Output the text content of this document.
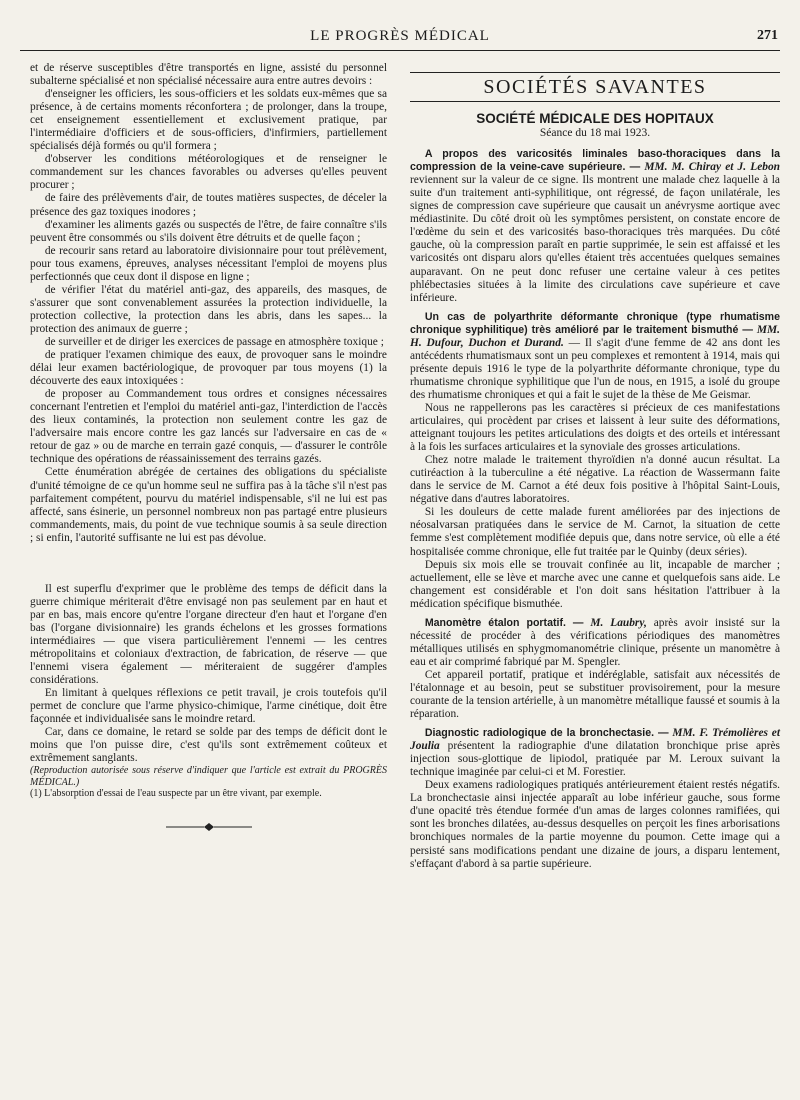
LE PROGRÈS MÉDICAL	271

et de réserve susceptibles d'être transportés en ligne, assisté du personnel subalterne spécialisé et non spécialisé nécessaire aura entre autres devoirs :

d'enseigner les officiers, les sous-officiers et les soldats eux-mêmes que sa présence, à de certains moments réconfortera ; de prolonger, dans la troupe, cet enseignement essentiellement et exclusivement pratique, par l'intermédiaire d'officiers et de sous-officiers, d'infirmiers, partiellement spécialisés déjà formés ou qu'il formera ;

d'observer les conditions météorologiques et de renseigner le commandement sur les chances favorables ou adverses qu'elles peuvent procurer ;

de faire des prélèvements d'air, de toutes matières suspectes, de déceler la présence des gaz toxiques inodores ;

d'examiner les aliments gazés ou suspectés de l'être, de faire connaître s'ils peuvent être consommés ou s'ils doivent être détruits et de quelle façon ;

de recourir sans retard au laboratoire divisionnaire pour tout prélèvement, pour tous examens, épreuves, analyses nécessitant l'emploi de moyens plus perfectionnés que ceux dont il dispose en ligne ;

de vérifier l'état du matériel anti-gaz, des appareils, des masques, de s'assurer que sont convenablement assurées la protection individuelle, la protection collective, la protection dans les abris, dans les sapes... la protection des animaux de guerre ;

de surveiller et de diriger les exercices de passage en atmosphère toxique ;

de pratiquer l'examen chimique des eaux, de provoquer sans le moindre délai leur examen bactériologique, de provoquer par tous moyens (1) la découverte des eaux intoxiquées :

de proposer au Commandement tous ordres et consignes nécessaires concernant l'entretien et l'emploi du matériel anti-gaz, l'interdiction de l'accès des lieux contaminés, la protection non seulement contre les gaz de l'adversaire mais encore contre les gaz lancés sur l'adversaire en cas de « retour de gaz » ou de marche en terrain gazé conquis, — d'assurer le contrôle technique des opérations de réassainissement des terrains gazés.

Cette énumération abrégée de certaines des obligations du spécialiste d'unité témoigne de ce qu'un homme seul ne suffira pas à la tâche s'il n'est pas parfaitement compétent, pourvu du matériel indispensable, s'il ne lui est pas affecté, sans ésinerie, un personnel nombreux non pas partagé entre plusieurs commandements, mais, du point de vue technique soumis à sa seule direction ; si enfin, l'autorité suffisante ne lui est pas dévolue.

Il est superflu d'exprimer que le problème des temps de déficit dans la guerre chimique mériterait d'être envisagé non pas seulement par en haut et par en bas, mais encore qu'entre l'organe directeur d'en haut et l'organe d'en bas (l'organe divisionnaire) les grands échelons et les grosses formations intermédiaires — que visera particulièrement l'ennemi — les centres métropolitains et coloniaux d'extraction, de fabrication, de réserve — que l'ennemi visera également — mériteraient de suggérer d'amples considérations.

En limitant à quelques réflexions ce petit travail, je crois toutefois qu'il permet de conclure que l'arme physico-chimique, l'arme cinétique, doit être façonnée et individualisée sans le moindre retard.

Car, dans ce domaine, le retard se solde par des temps de déficit dont le moins que l'on puisse dire, c'est qu'ils sont extrêmement coûteux et extrêmement sanglants.

(Reproduction autorisée sous réserve d'indiquer que l'article est extrait du PROGRÈS MÉDICAL.)

(1) L'absorption d'essai de l'eau suspecte par un être vivant, par exemple.

SOCIÉTÉS SAVANTES
SOCIÉTÉ MÉDICALE DES HOPITAUX
Séance du 18 mai 1923.

A propos des varicosités liminales baso-thoraciques dans la compression de la veine-cave supérieure. — MM. M. Chiray et J. Lebon reviennent sur la valeur de ce signe. Ils montrent une malade chez laquelle à la suite d'un traitement anti-syphilitique, ont régressé, de façon unilatérale, les signes de compression cave supérieure que causait un anévrysme aortique avec médiastinite. Du côté droit où les symptômes persistent, on constate encore de l'œdème du sein et des varicosités baso-thoraciques très marquées. Du côté gauche, où la compression paraît en partie supprimée, le sein est affaissé et les varicosités ont disparu alors qu'elles étaient très accentuées quelques semaines auparavant. On ne peut donc refuser une certaine valeur à ces petites phlébectasies situées à la limite des circulations cave supérieure et cave inférieure.

Un cas de polyarthrite déformante chronique (type rhumatisme chronique syphilitique) très amélioré par le traitement bismuthé — MM. H. Dufour, Duchon et Durand. — Il s'agit d'une femme de 42 ans dont les antécédents rhumatismaux sont un peu complexes et remontent à 1914, mais qui présente depuis 1916 le type de la polyarthrite déformante chronique, type du rhumatisme chronique syphilitique que l'un de nous, en 1915, a isolé du groupe des rhumatisme chroniques et qui a fait le sujet de la thèse de Me Geismar.

Nous ne rappellerons pas les caractères si précieux de ces manifestations articulaires, qui procèdent par crises et laissent à leur suite des déformations, atteignant toujours les petites articulations des doigts et des orteils et intéressant à la fois les surfaces articulaires et la synoviale des grosses articulations.

Chez notre malade le traitement thyroïdien n'a donné aucun résultat. La cutiréaction à la tuberculine a été négative. La réaction de Wassermann faite dans le service de M. Carnot a été deux fois positive à l'hôpital Saint-Louis, négative dans d'autres laboratoires.

Si les douleurs de cette malade furent améliorées par des injections de néosalvarsan pratiquées dans le service de M. Carnot, la situation de cette femme s'est complètement modifiée depuis que, dans notre service, où elle a été hospitalisée comme chronique, elle fut traitée par le Quinby (deux séries).

Depuis six mois elle se trouvait confinée au lit, incapable de marcher ; actuellement, elle se lève et marche avec une canne et quelquefois sans aide. Le changement est considérable et l'on doit sans hésitation l'attribuer à la médication spécifique bismuthée.

Manomètre étalon portatif. — M. Laubry, après avoir insisté sur la nécessité de procéder à des vérifications périodiques des manomètres métalliques utilisés en sphygmomanométrie clinique, présente un manomètre à eau et air comprimé fabriqué par M. Spengler.

Cet appareil portatif, pratique et indéréglable, satisfait aux nécessités de l'étalonnage et au besoin, peut se substituer provisoirement, pour la mesure courante de la tension artérielle, à un manomètre métallique faussé et soumis à la réparation.

Diagnostic radiologique de la bronchectasie. — MM. F. Trémolières et Joulia présentent la radiographie d'une dilatation bronchique prise après injection sous-glottique de lipiodol, pratiquée par M. Leroux suivant la technique imaginée par celui-ci et M. Forestier.

Deux examens radiologiques pratiqués antérieurement étaient restés négatifs. La bronchectasie ainsi injectée apparaît au lobe inférieur gauche, sous forme d'une opacité très étendue formée d'un amas de larges colonnes ramifiées, qui sont les bronches dilatées, au-dessus desquelles on perçoit les fines arborisations bronchiques normales de la partie moyenne du poumon. Cette image qui a persisté sans modifications pendant une dizaine de jours, a disparu lentement, s'effaçant d'abord à sa partie supérieure.
